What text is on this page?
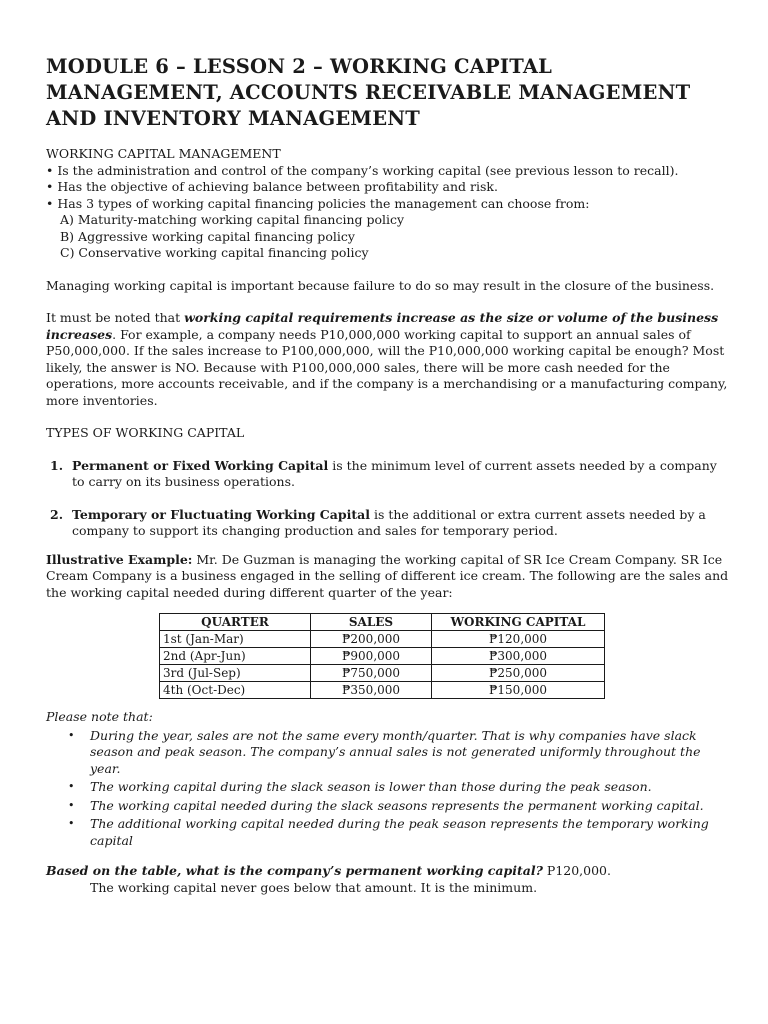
MODULE 6 – LESSON 2 – WORKING CAPITAL MANAGEMENT, ACCOUNTS RECEIVABLE MANAGEMENT AND INVENTORY MANAGEMENT

WORKING CAPITAL MANAGEMENT

• Is the administration and control of the company’s working capital (see previous lesson to recall).

• Has the objective of achieving balance between profitability and risk.

• Has 3 types of working capital financing policies the management can choose from:

A) Maturity-matching working capital financing policy

B) Aggressive working capital financing policy

C) Conservative working capital financing policy

Managing working capital is important because failure to do so may result in the closure of the business.

It must be noted that working capital requirements increase as the size or volume of the business increases. For example, a company needs P10,000,000 working capital to support an annual sales of P50,000,000. If the sales increase to P100,000,000, will the P10,000,000 working capital be enough? Most likely, the answer is NO. Because with P100,000,000 sales, there will be more cash needed for the operations, more accounts receivable, and if the company is a merchandising or a manufacturing company, more inventories.

TYPES OF WORKING CAPITAL

1. Permanent or Fixed Working Capital is the minimum level of current assets needed by a company to carry on its business operations.
2. Temporary or Fluctuating Working Capital is the additional or extra current assets needed by a company to support its changing production and sales for temporary period.

Illustrative Example: Mr. De Guzman is managing the working capital of SR Ice Cream Company. SR Ice Cream Company is a business engaged in the selling of different ice cream. The following are the sales and the working capital needed during different quarter of the year:

QUARTER	SALES	WORKING CAPITAL
1st (Jan-Mar)	₱200,000	₱120,000
2nd (Apr-Jun)	₱900,000	₱300,000
3rd (Jul-Sep)	₱750,000	₱250,000
4th (Oct-Dec)	₱350,000	₱150,000

Please note that:

• During the year, sales are not the same every month/quarter. That is why companies have slack season and peak season. The company’s annual sales is not generated uniformly throughout the year.
• The working capital during the slack season is lower than those during the peak season.
• The working capital needed during the slack seasons represents the permanent working capital.
• The additional working capital needed during the peak season represents the temporary working capital

Based on the table, what is the company’s permanent working capital? P120,000.

The working capital never goes below that amount. It is the minimum.
